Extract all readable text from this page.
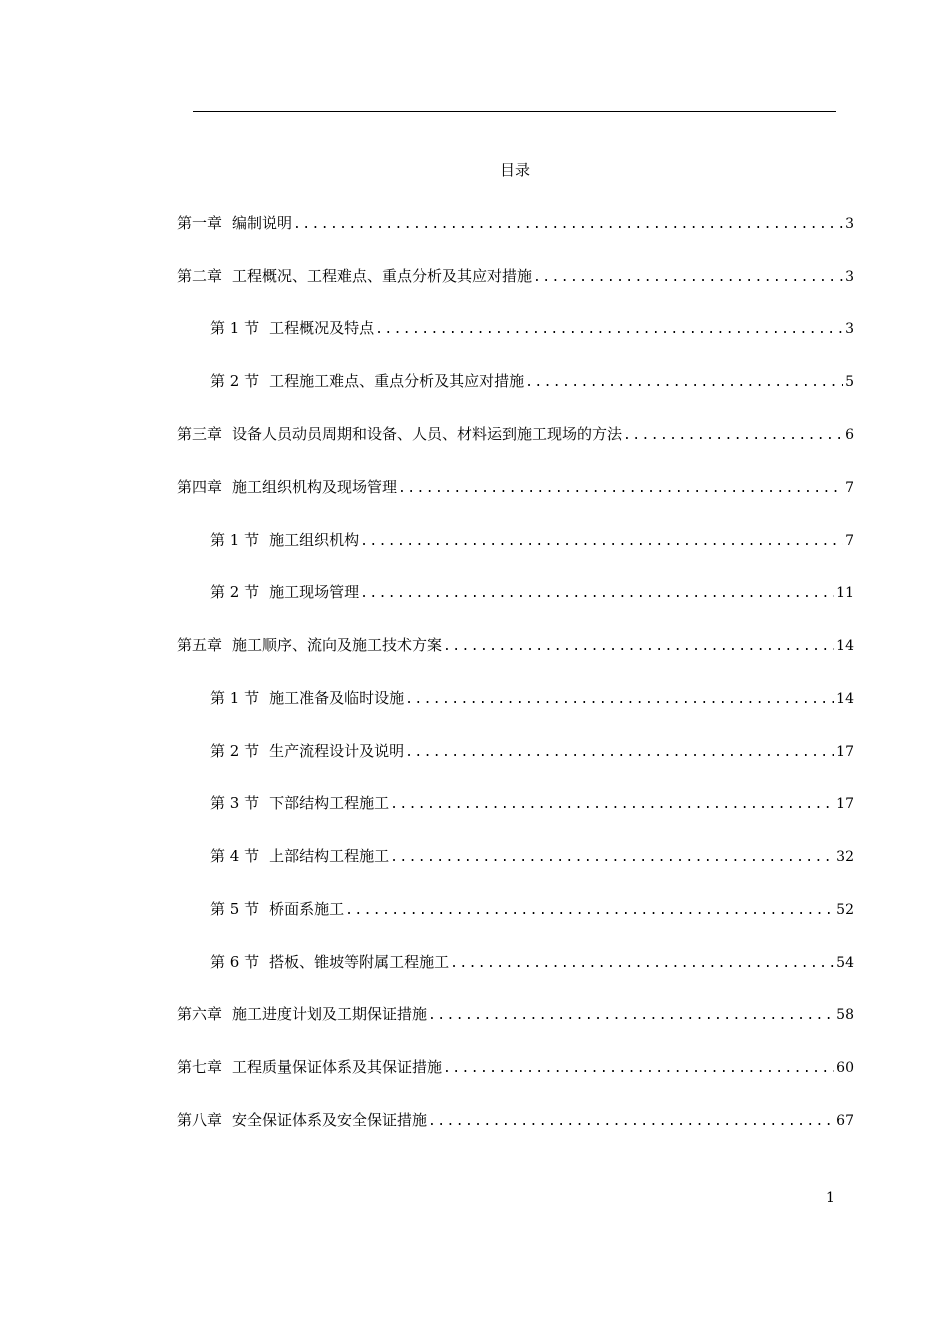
目录
第一章 编制说明 .....	3
第二章 工程概况、工程难点、重点分析及其应对措施 .....	3
第 1 节 工程概况及特点 .....	3
第 2 节 工程施工难点、重点分析及其应对措施 .....	5
第三章 设备人员动员周期和设备、人员、材料运到施工现场的方法 .....	6
第四章 施工组织机构及现场管理 .....	7
第 1 节 施工组织机构 .....	7
第 2 节 施工现场管理 .....	11
第五章 施工顺序、流向及施工技术方案 .....	14
第 1 节 施工准备及临时设施 .....	14
第 2 节 生产流程设计及说明 .....	17
第 3 节 下部结构工程施工 .....	17
第 4 节 上部结构工程施工 .....	32
第 5 节 桥面系施工 .....	52
第 6 节 搭板、锥坡等附属工程施工 .....	54
第六章 施工进度计划及工期保证措施 .....	58
第七章 工程质量保证体系及其保证措施 .....	60
第八章 安全保证体系及安全保证措施 .....	67
1
